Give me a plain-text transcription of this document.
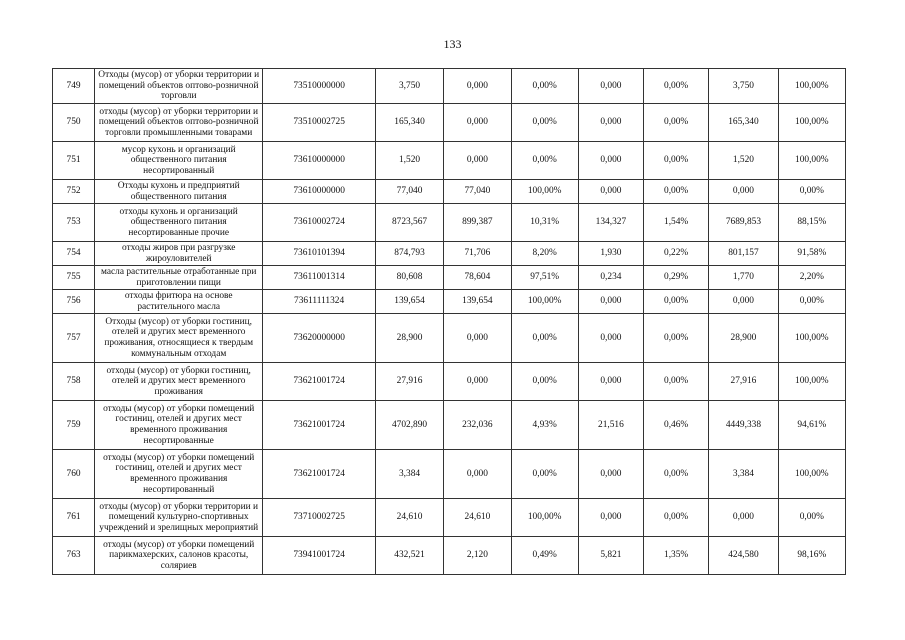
133
749	Отходы (мусор) от уборки территории и помещений объектов оптово-розничной торговли	73510000000	3,750	0,000	0,00%	0,000	0,00%	3,750	100,00%
750	отходы (мусор) от уборки территории и помещений объектов оптово-розничной торговли промышленными товарами	73510002725	165,340	0,000	0,00%	0,000	0,00%	165,340	100,00%
751	мусор кухонь и организаций общественного питания несортированный	73610000000	1,520	0,000	0,00%	0,000	0,00%	1,520	100,00%
752	Отходы кухонь и предприятий общественного питания	73610000000	77,040	77,040	100,00%	0,000	0,00%	0,000	0,00%
753	отходы кухонь и организаций общественного питания несортированные прочие	73610002724	8723,567	899,387	10,31%	134,327	1,54%	7689,853	88,15%
754	отходы жиров при разгрузке жироуловителей	73610101394	874,793	71,706	8,20%	1,930	0,22%	801,157	91,58%
755	масла растительные отработанные при приготовлении пищи	73611001314	80,608	78,604	97,51%	0,234	0,29%	1,770	2,20%
756	отходы фритюра на основе растительного масла	73611111324	139,654	139,654	100,00%	0,000	0,00%	0,000	0,00%
757	Отходы (мусор) от уборки гостиниц, отелей и других мест временного проживания, относящиеся к твердым коммунальным отходам	73620000000	28,900	0,000	0,00%	0,000	0,00%	28,900	100,00%
758	отходы (мусор) от уборки гостиниц, отелей и других мест временного проживания	73621001724	27,916	0,000	0,00%	0,000	0,00%	27,916	100,00%
759	отходы (мусор) от уборки помещений гостиниц, отелей и других мест временного проживания несортированные	73621001724	4702,890	232,036	4,93%	21,516	0,46%	4449,338	94,61%
760	отходы (мусор) от уборки помещений гостиниц, отелей и других мест временного проживания несортированный	73621001724	3,384	0,000	0,00%	0,000	0,00%	3,384	100,00%
761	отходы (мусор) от уборки территории и помещений культурно-спортивных учреждений и зрелищных мероприятий	73710002725	24,610	24,610	100,00%	0,000	0,00%	0,000	0,00%
763	отходы (мусор) от уборки помещений парикмахерских, салонов красоты, соляриев	73941001724	432,521	2,120	0,49%	5,821	1,35%	424,580	98,16%
